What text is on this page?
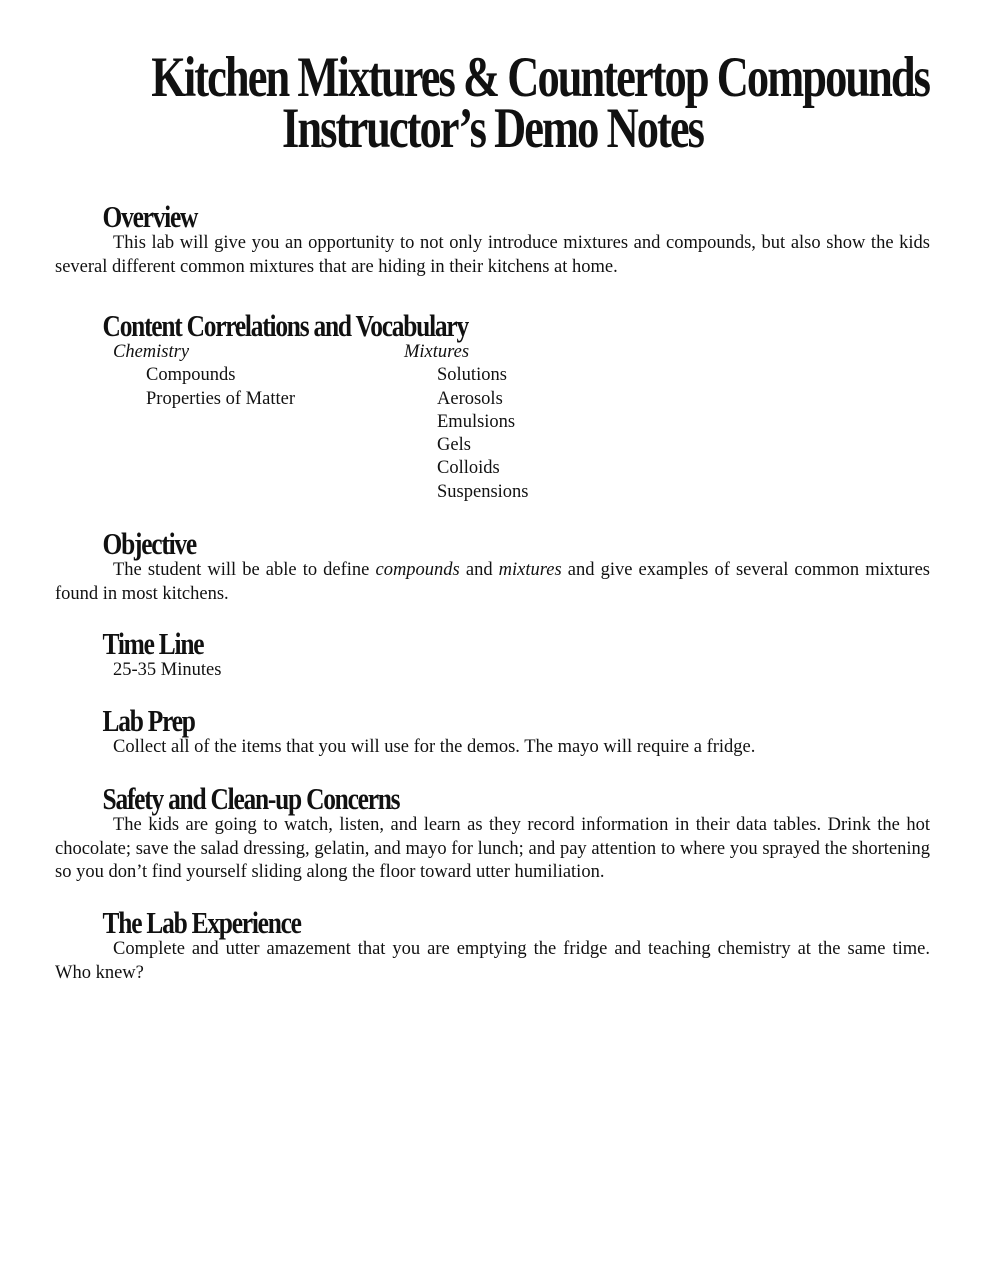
Kitchen Mixtures & Countertop Compounds
Instructor’s Demo Notes
Overview

This lab will give you an opportunity to not only introduce mixtures and compounds, but also show the kids several different common mixtures that are hiding in their kitchens at home.

Content Correlations and Vocabulary
Chemistry
Compounds
Properties of Matter
Mixtures
Solutions
Aerosols
Emulsions
Gels
Colloids
Suspensions
Objective

The student will be able to define compounds and mixtures and give examples of several common mixtures found in most kitchens.

Time Line

25-35 Minutes

Lab Prep

Collect all of the items that you will use for the demos. The mayo will require a fridge.

Safety and Clean-up Concerns

The kids are going to watch, listen, and learn as they record information in their data tables. Drink the hot chocolate; save the salad dressing, gelatin, and mayo for lunch; and pay attention to where you sprayed the shortening so you don’t find yourself sliding along the floor toward utter humiliation.

The Lab Experience

Complete and utter amazement that you are emptying the fridge and teaching chemistry at the same time. Who knew?
